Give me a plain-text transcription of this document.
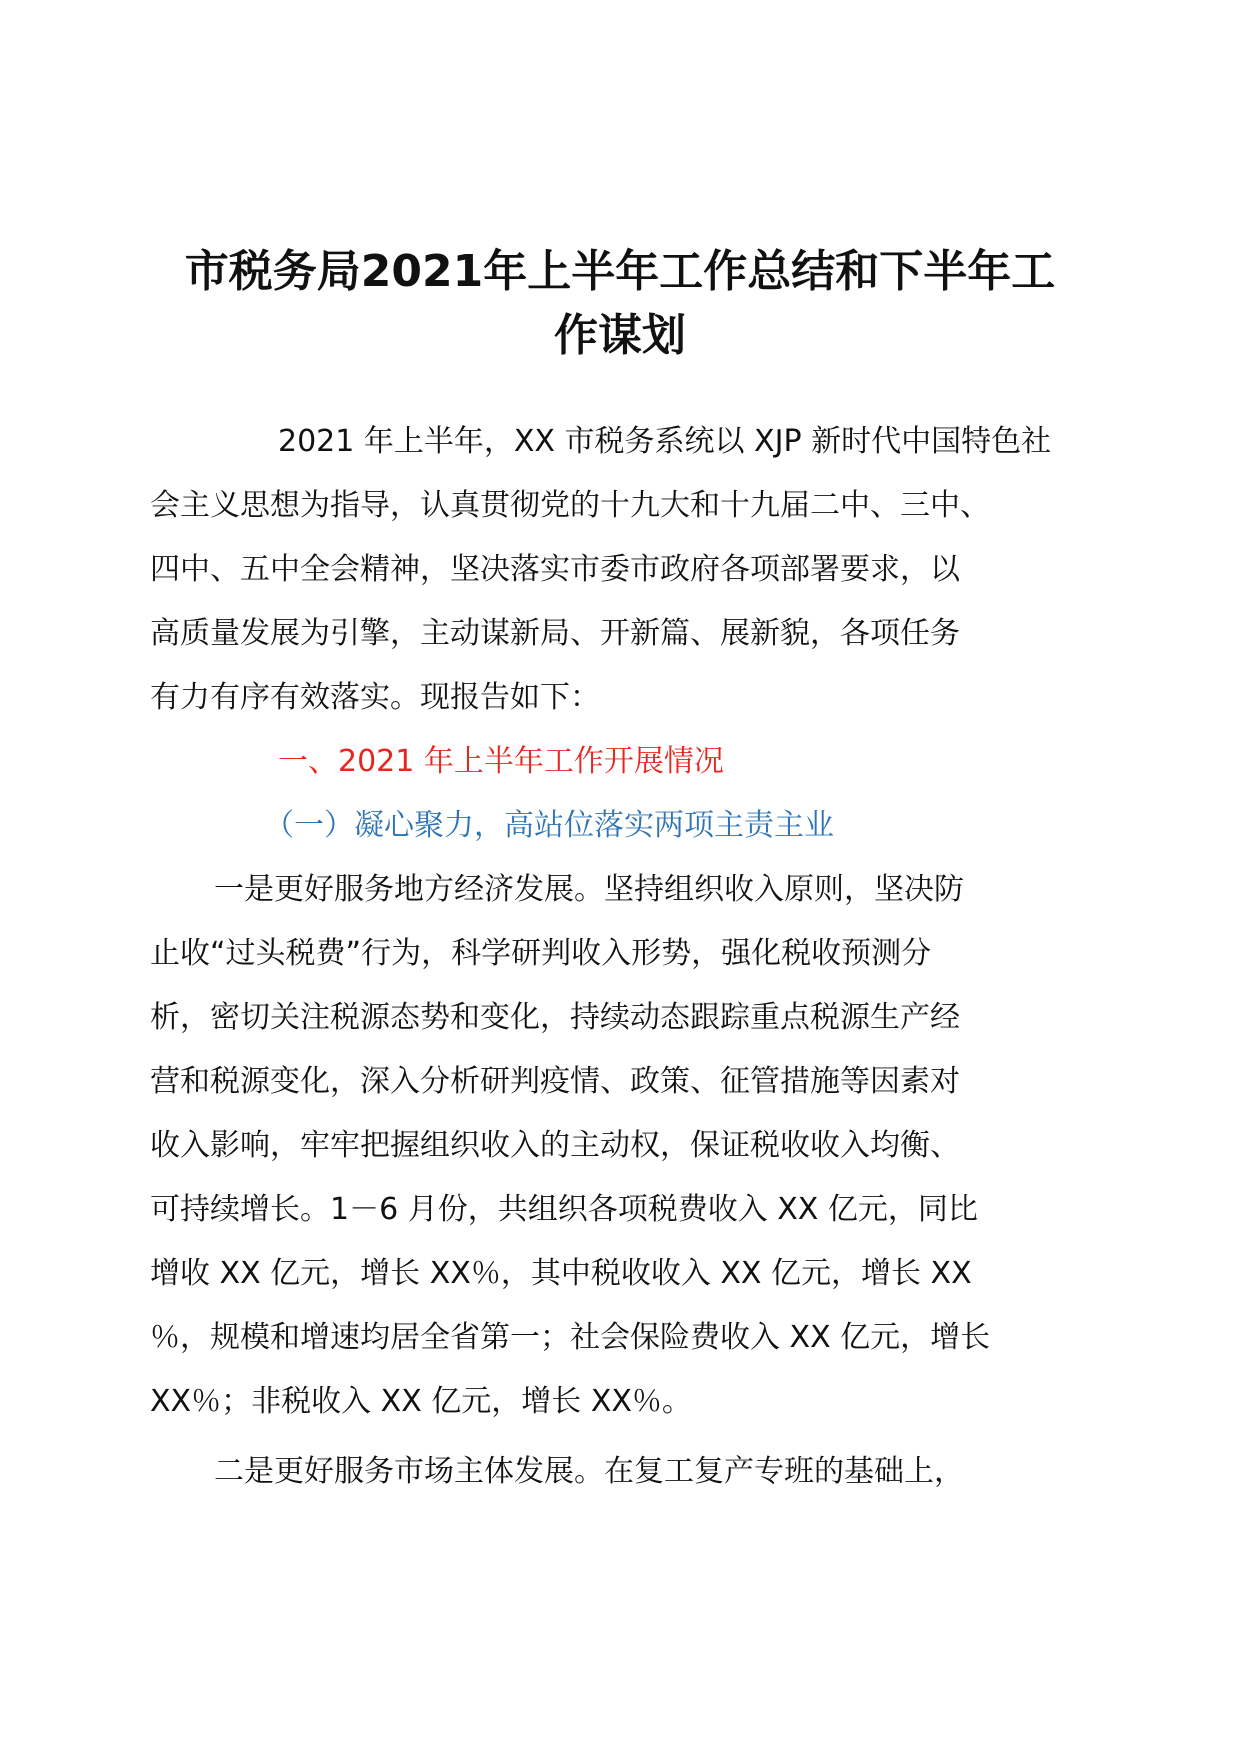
市税务局2021年上半年工作总结和下半年工
作谋划
2021 年上半年，XX 市税务系统以 XJP 新时代中国特色社
会主义思想为指导，认真贯彻党的十九大和十九届二中、三中、
四中、五中全会精神，坚决落实市委市政府各项部署要求，以
高质量发展为引擎，主动谋新局、开新篇、展新貌，各项任务
有力有序有效落实。现报告如下：
一、2021 年上半年工作开展情况
（一）凝心聚力，高站位落实两项主责主业
一是更好服务地方经济发展。坚持组织收入原则，坚决防
止收“过头税费”行为，科学研判收入形势，强化税收预测分
析，密切关注税源态势和变化，持续动态跟踪重点税源生产经
营和税源变化，深入分析研判疫情、政策、征管措施等因素对
收入影响，牢牢把握组织收入的主动权，保证税收收入均衡、
可持续增长。1－6 月份，共组织各项税费收入 XX 亿元，同比
增收 XX 亿元，增长 XX％，其中税收收入 XX 亿元，增长 XX
％，规模和增速均居全省第一；社会保险费收入 XX 亿元，增长
XX％；非税收入 XX 亿元，增长 XX％。
二是更好服务市场主体发展。在复工复产专班的基础上，
